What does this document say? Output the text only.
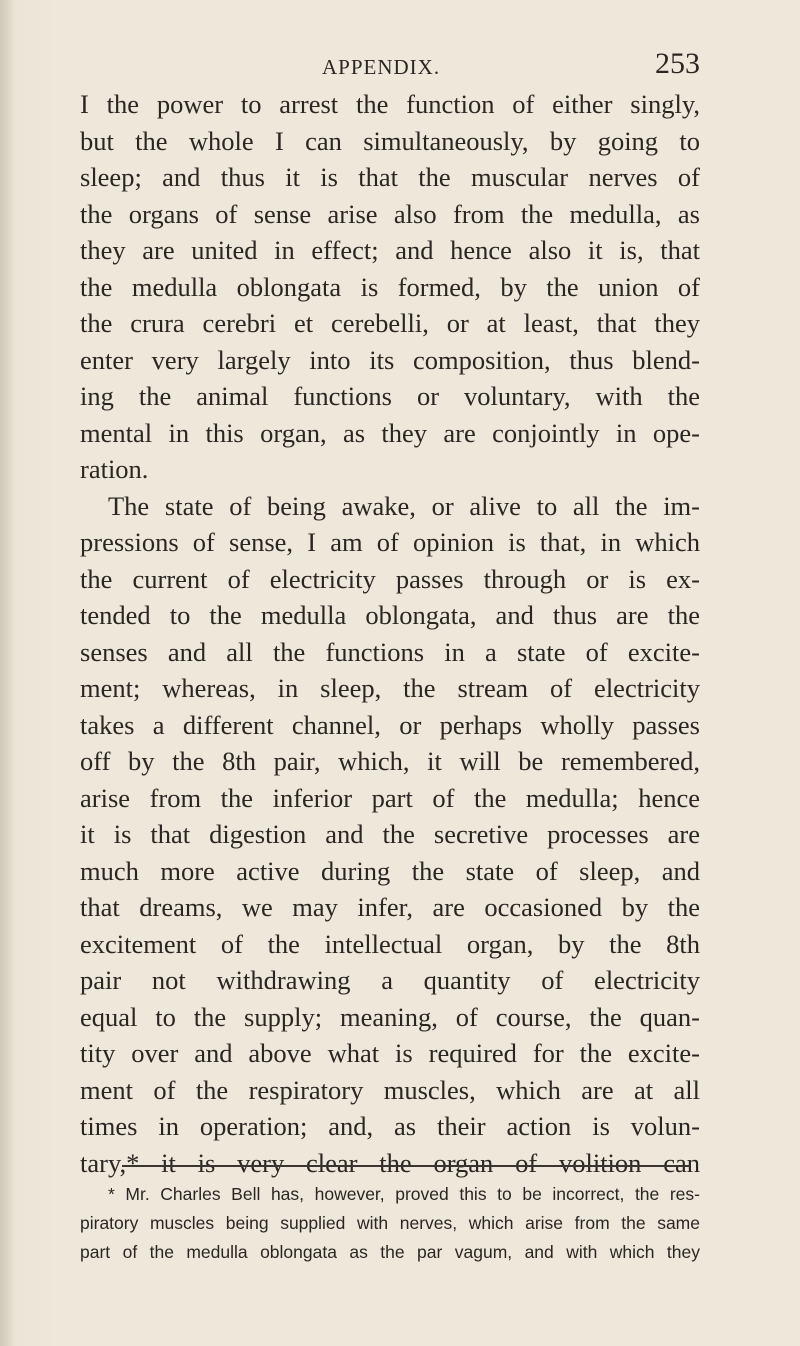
APPENDIX.	253
I the power to arrest the function of either singly,
but the whole I can simultaneously, by going to
sleep; and thus it is that the muscular nerves of
the organs of sense arise also from the medulla, as
they are united in effect; and hence also it is, that
the medulla oblongata is formed, by the union of
the crura cerebri et cerebelli, or at least, that they
enter very largely into its composition, thus blend-
ing the animal functions or voluntary, with the
mental in this organ, as they are conjointly in ope-
ration.
The state of being awake, or alive to all the im-
pressions of sense, I am of opinion is that, in which
the current of electricity passes through or is ex-
tended to the medulla oblongata, and thus are the
senses and all the functions in a state of excite-
ment; whereas, in sleep, the stream of electricity
takes a different channel, or perhaps wholly passes
off by the 8th pair, which, it will be remembered,
arise from the inferior part of the medulla; hence
it is that digestion and the secretive processes are
much more active during the state of sleep, and
that dreams, we may infer, are occasioned by the
excitement of the intellectual organ, by the 8th
pair not withdrawing a quantity of electricity
equal to the supply; meaning, of course, the quan-
tity over and above what is required for the excite-
ment of the respiratory muscles, which are at all
times in operation; and, as their action is volun-
tary,* it is very clear the organ of volition can
* Mr. Charles Bell has, however, proved this to be incorrect, the res-
piratory muscles being supplied with nerves, which arise from the same
part of the medulla oblongata as the par vagum, and with which they
